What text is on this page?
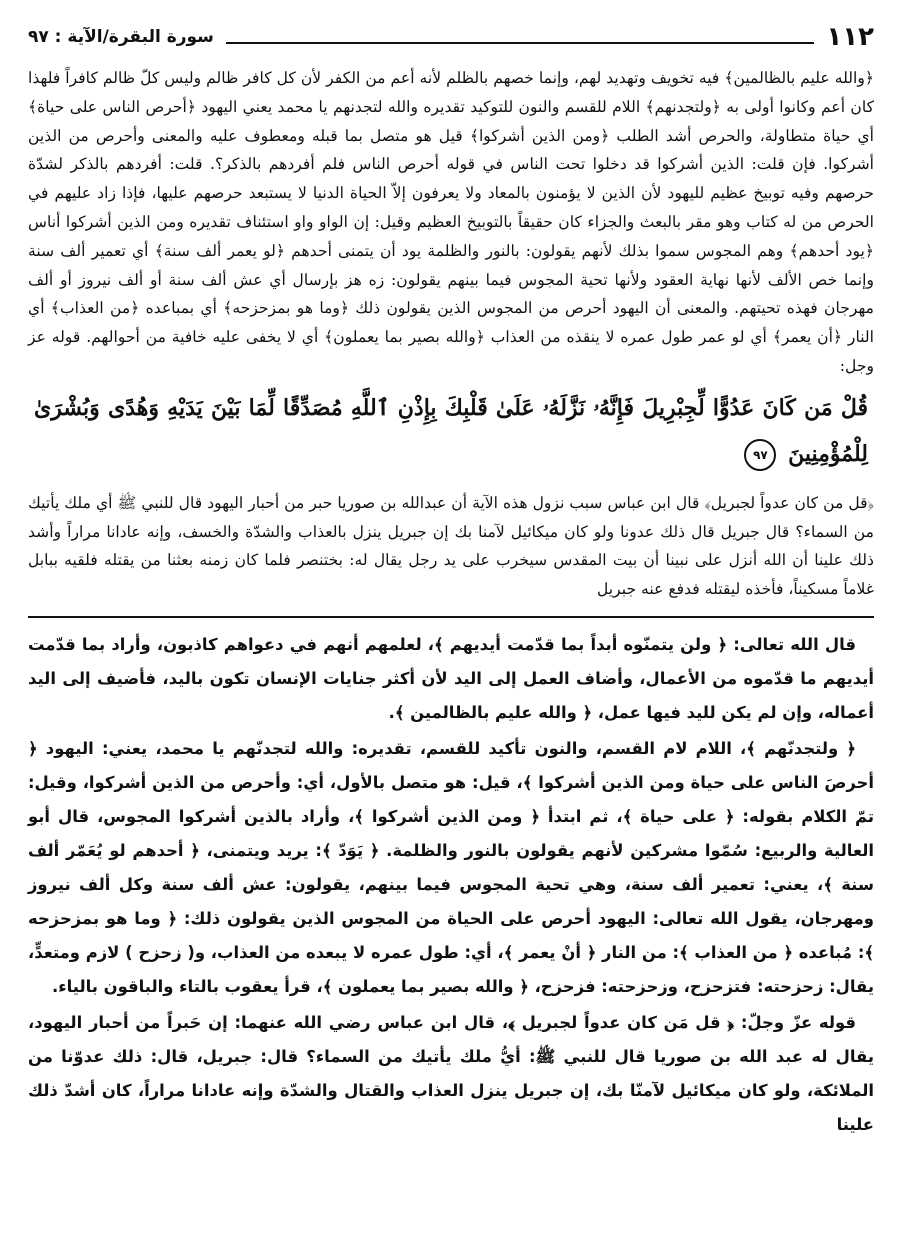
١١٢
سورة البقرة/الآية : ٩٧

﴿والله عليم بالظالمين﴾ فيه تخويف وتهديد لهم، وإنما خصهم بالظلم لأنه أعم من الكفر لأن كل كافر ظالم وليس كلّ ظالم كافراً فلهذا كان أعم وكانوا أولى به ﴿ولتجدنهم﴾ اللام للقسم والنون للتوكيد تقديره والله لتجدنهم يا محمد يعني اليهود ﴿أحرص الناس على حياة﴾ أي حياة متطاولة، والحرص أشد الطلب ﴿ومن الذين أشركوا﴾ قيل هو متصل بما قبله ومعطوف عليه والمعنى وأحرص من الذين أشركوا. فإن قلت: الذين أشركوا قد دخلوا تحت الناس في قوله أحرص الناس فلم أفردهم بالذكر؟. قلت: أفردهم بالذكر لشدّة حرصهم وفيه توبيخ عظيم لليهود لأن الذين لا يؤمنون بالمعاد ولا يعرفون إلاّ الحياة الدنيا لا يستبعد حرصهم عليها، فإذا زاد عليهم في الحرص من له كتاب وهو مقر بالبعث والجزاء كان حقيقاً بالتوبيخ العظيم وقيل: إن الواو واو استئناف تقديره ومن الذين أشركوا أناس ﴿يود أحدهم﴾ وهم المجوس سموا بذلك لأنهم يقولون: بالنور والظلمة يود أن يتمنى أحدهم ﴿لو يعمر ألف سنة﴾ أي تعمير ألف سنة وإنما خص الألف لأنها نهاية العقود ولأنها تحية المجوس فيما بينهم يقولون: زه هز بإرسال أي عش ألف سنة أو ألف نيروز أو ألف مهرجان فهذه تحيتهم. والمعنى أن اليهود أحرص من المجوس الذين يقولون ذلك ﴿وما هو بمزحزحه﴾ أي بمباعده ﴿من العذاب﴾ أي النار ﴿أن يعمر﴾ أي لو عمر طول عمره لا ينقذه من العذاب ﴿والله بصير بما يعملون﴾ أي لا يخفى عليه خافية من أحوالهم. قوله عز وجل:

قُلْ مَن كَانَ عَدُوًّا لِّجِبْرِيلَ فَإِنَّهُۥ نَزَّلَهُۥ عَلَىٰ قَلْبِكَ بِإِذْنِ ٱللَّهِ مُصَدِّقًا لِّمَا بَيْنَ يَدَيْهِ وَهُدًى وَبُشْرَىٰ لِلْمُؤْمِنِينَ ٩٧

﴿قل من كان عدواً لجبريل﴾ قال ابن عباس سبب نزول هذه الآية أن عبدالله بن صوريا حبر من أحبار اليهود قال للنبي ﷺ أي ملك يأتيك من السماء؟ قال جبريل قال ذلك عدونا ولو كان ميكائيل لآمنا بك إن جبريل ينزل بالعذاب والشدّة والخسف، وإنه عادانا مراراً وأشد ذلك علينا أن الله أنزل على نبينا أن بيت المقدس سيخرب على يد رجل يقال له: بختنصر فلما كان زمنه بعثنا من يقتله فلقيه ببابل غلاماً مسكيناً، فأخذه ليقتله فدفع عنه جبريل

قال الله تعالى: ﴿ ولن يتمنّوه أبداً بما قدّمت أيديهم ﴾، لعلمهم أنهم في دعواهم كاذبون، وأراد بما قدّمت أيديهم ما قدّموه من الأعمال، وأضاف العمل إلى اليد لأن أكثر جنايات الإنسان تكون باليد، فأضيف إلى اليد أعماله، وإن لم يكن لليد فيها عمل، ﴿ والله عليم بالظالمين ﴾.

﴿ ولتجدنّهم ﴾، اللام لام القسم، والنون تأكيد للقسم، تقديره: والله لتجدنّهم يا محمد، يعني: اليهود ﴿ أحرصَ الناس على حياة ومن الذين أشركوا ﴾، قيل: هو متصل بالأول، أي: وأحرص من الذين أشركوا، وقيل: تمّ الكلام بقوله: ﴿ على حياة ﴾، ثم ابتدأ ﴿ ومن الذين أشركوا ﴾، وأراد بالذين أشركوا المجوس، قال أبو العالية والربيع: سُمّوا مشركين لأنهم يقولون بالنور والظلمة. ﴿ يَوَدّ ﴾: يريد ويتمنى، ﴿ أحدهم لو يُعَمّر ألف سنة ﴾، يعني: تعمير ألف سنة، وهي تحية المجوس فيما بينهم، يقولون: عش ألف سنة وكل ألف نيروز ومهرجان، يقول الله تعالى: اليهود أحرص على الحياة من المجوس الذين يقولون ذلك: ﴿ وما هو بمزحزحه ﴾: مُباعده ﴿ من العذاب ﴾: من النار ﴿ أنْ يعمر ﴾، أي: طول عمره لا يبعده من العذاب، و( زحزح ) لازم ومتعدٍّ، يقال: زحزحته: فتزحزح، وزحزحته: فزحزح، ﴿ والله بصير بما يعملون ﴾، قرأ يعقوب بالتاء والباقون بالياء.

قوله عزّ وجلّ: ﴿ قل مَن كان عدواً لجبريل ﴾، قال ابن عباس رضي الله عنهما: إن حَبراً من أحبار اليهود، يقال له عبد الله بن صوريا قال للنبي ﷺ: أيُّ ملك يأتيك من السماء؟ قال: جبريل، قال: ذلك عدوّنا من الملائكة، ولو كان ميكائيل لآمنّا بك، إن جبريل ينزل العذاب والقتال والشدّة وإنه عادانا مراراً، كان أشدّ ذلك علينا
